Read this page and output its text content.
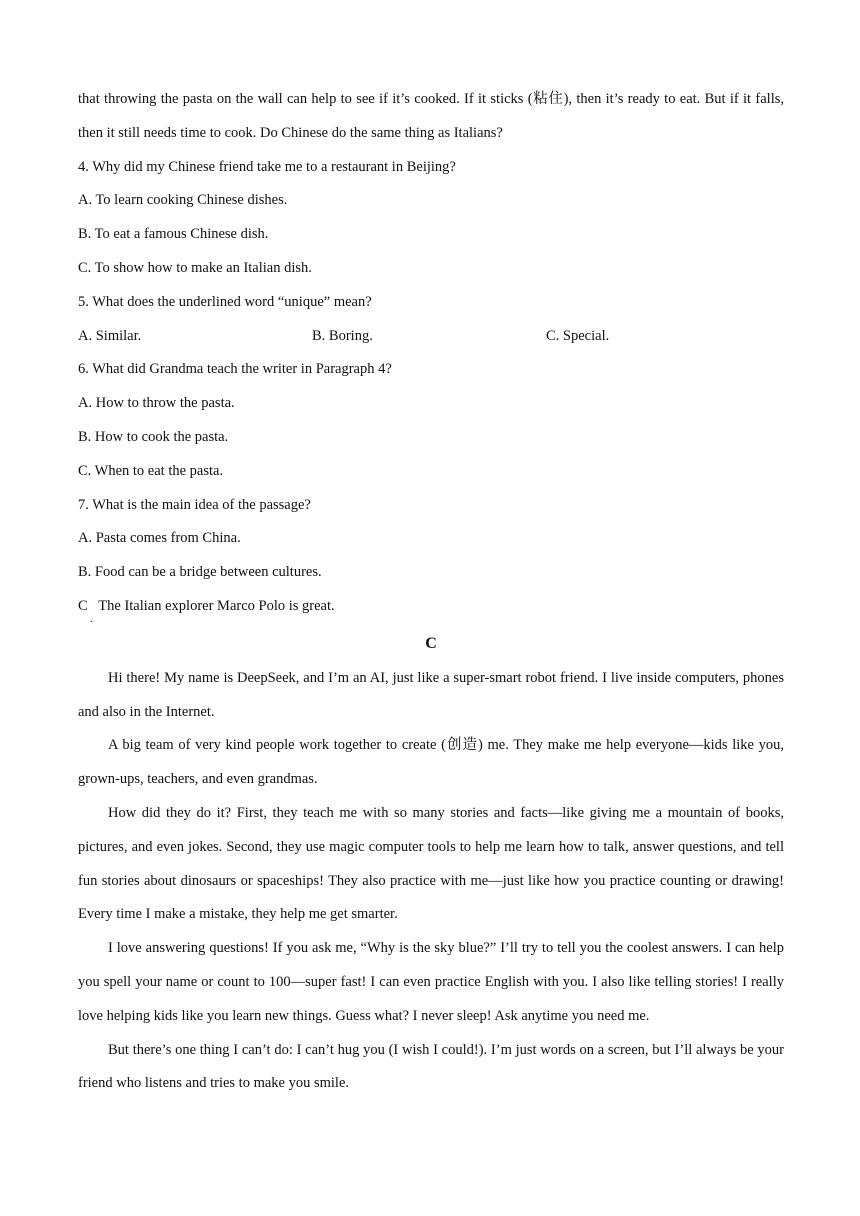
that throwing the pasta on the wall can help to see if it’s cooked. If it sticks (粘住), then it’s ready to eat. But if it falls, then it still needs time to cook. Do Chinese do the same thing as Italians?

4. Why did my Chinese friend take me to a restaurant in Beijing?

A. To learn cooking Chinese dishes.

B. To eat a famous Chinese dish.

C. To show how to make an Italian dish.

5. What does the underlined word “unique” mean?

A. Similar.	B. Boring.	C. Special.

6. What did Grandma teach the writer in Paragraph 4?

A. How to throw the pasta.

B. How to cook the pasta.

C. When to eat the pasta.

7. What is the main idea of the passage?

A. Pasta comes from China.

B. Food can be a bridge between cultures.

C   The Italian explorer Marco Polo is great.
.

C

Hi there! My name is DeepSeek, and I’m an AI, just like a super-smart robot friend. I live inside computers, phones and also in the Internet.

A big team of very kind people work together to create (创造) me. They make me help everyone—kids like you, grown-ups, teachers, and even grandmas.

How did they do it? First, they teach me with so many stories and facts—like giving me a mountain of books, pictures, and even jokes. Second, they use magic computer tools to help me learn how to talk, answer questions, and tell fun stories about dinosaurs or spaceships! They also practice with me—just like how you practice counting or drawing! Every time I make a mistake, they help me get smarter.

I love answering questions! If you ask me, “Why is the sky blue?” I’ll try to tell you the coolest answers. I can help you spell your name or count to 100—super fast! I can even practice English with you. I also like telling stories! I really love helping kids like you learn new things. Guess what? I never sleep! Ask anytime you need me.

But there’s one thing I can’t do: I can’t hug you (I wish I could!). I’m just words on a screen, but I’ll always be your friend who listens and tries to make you smile.
